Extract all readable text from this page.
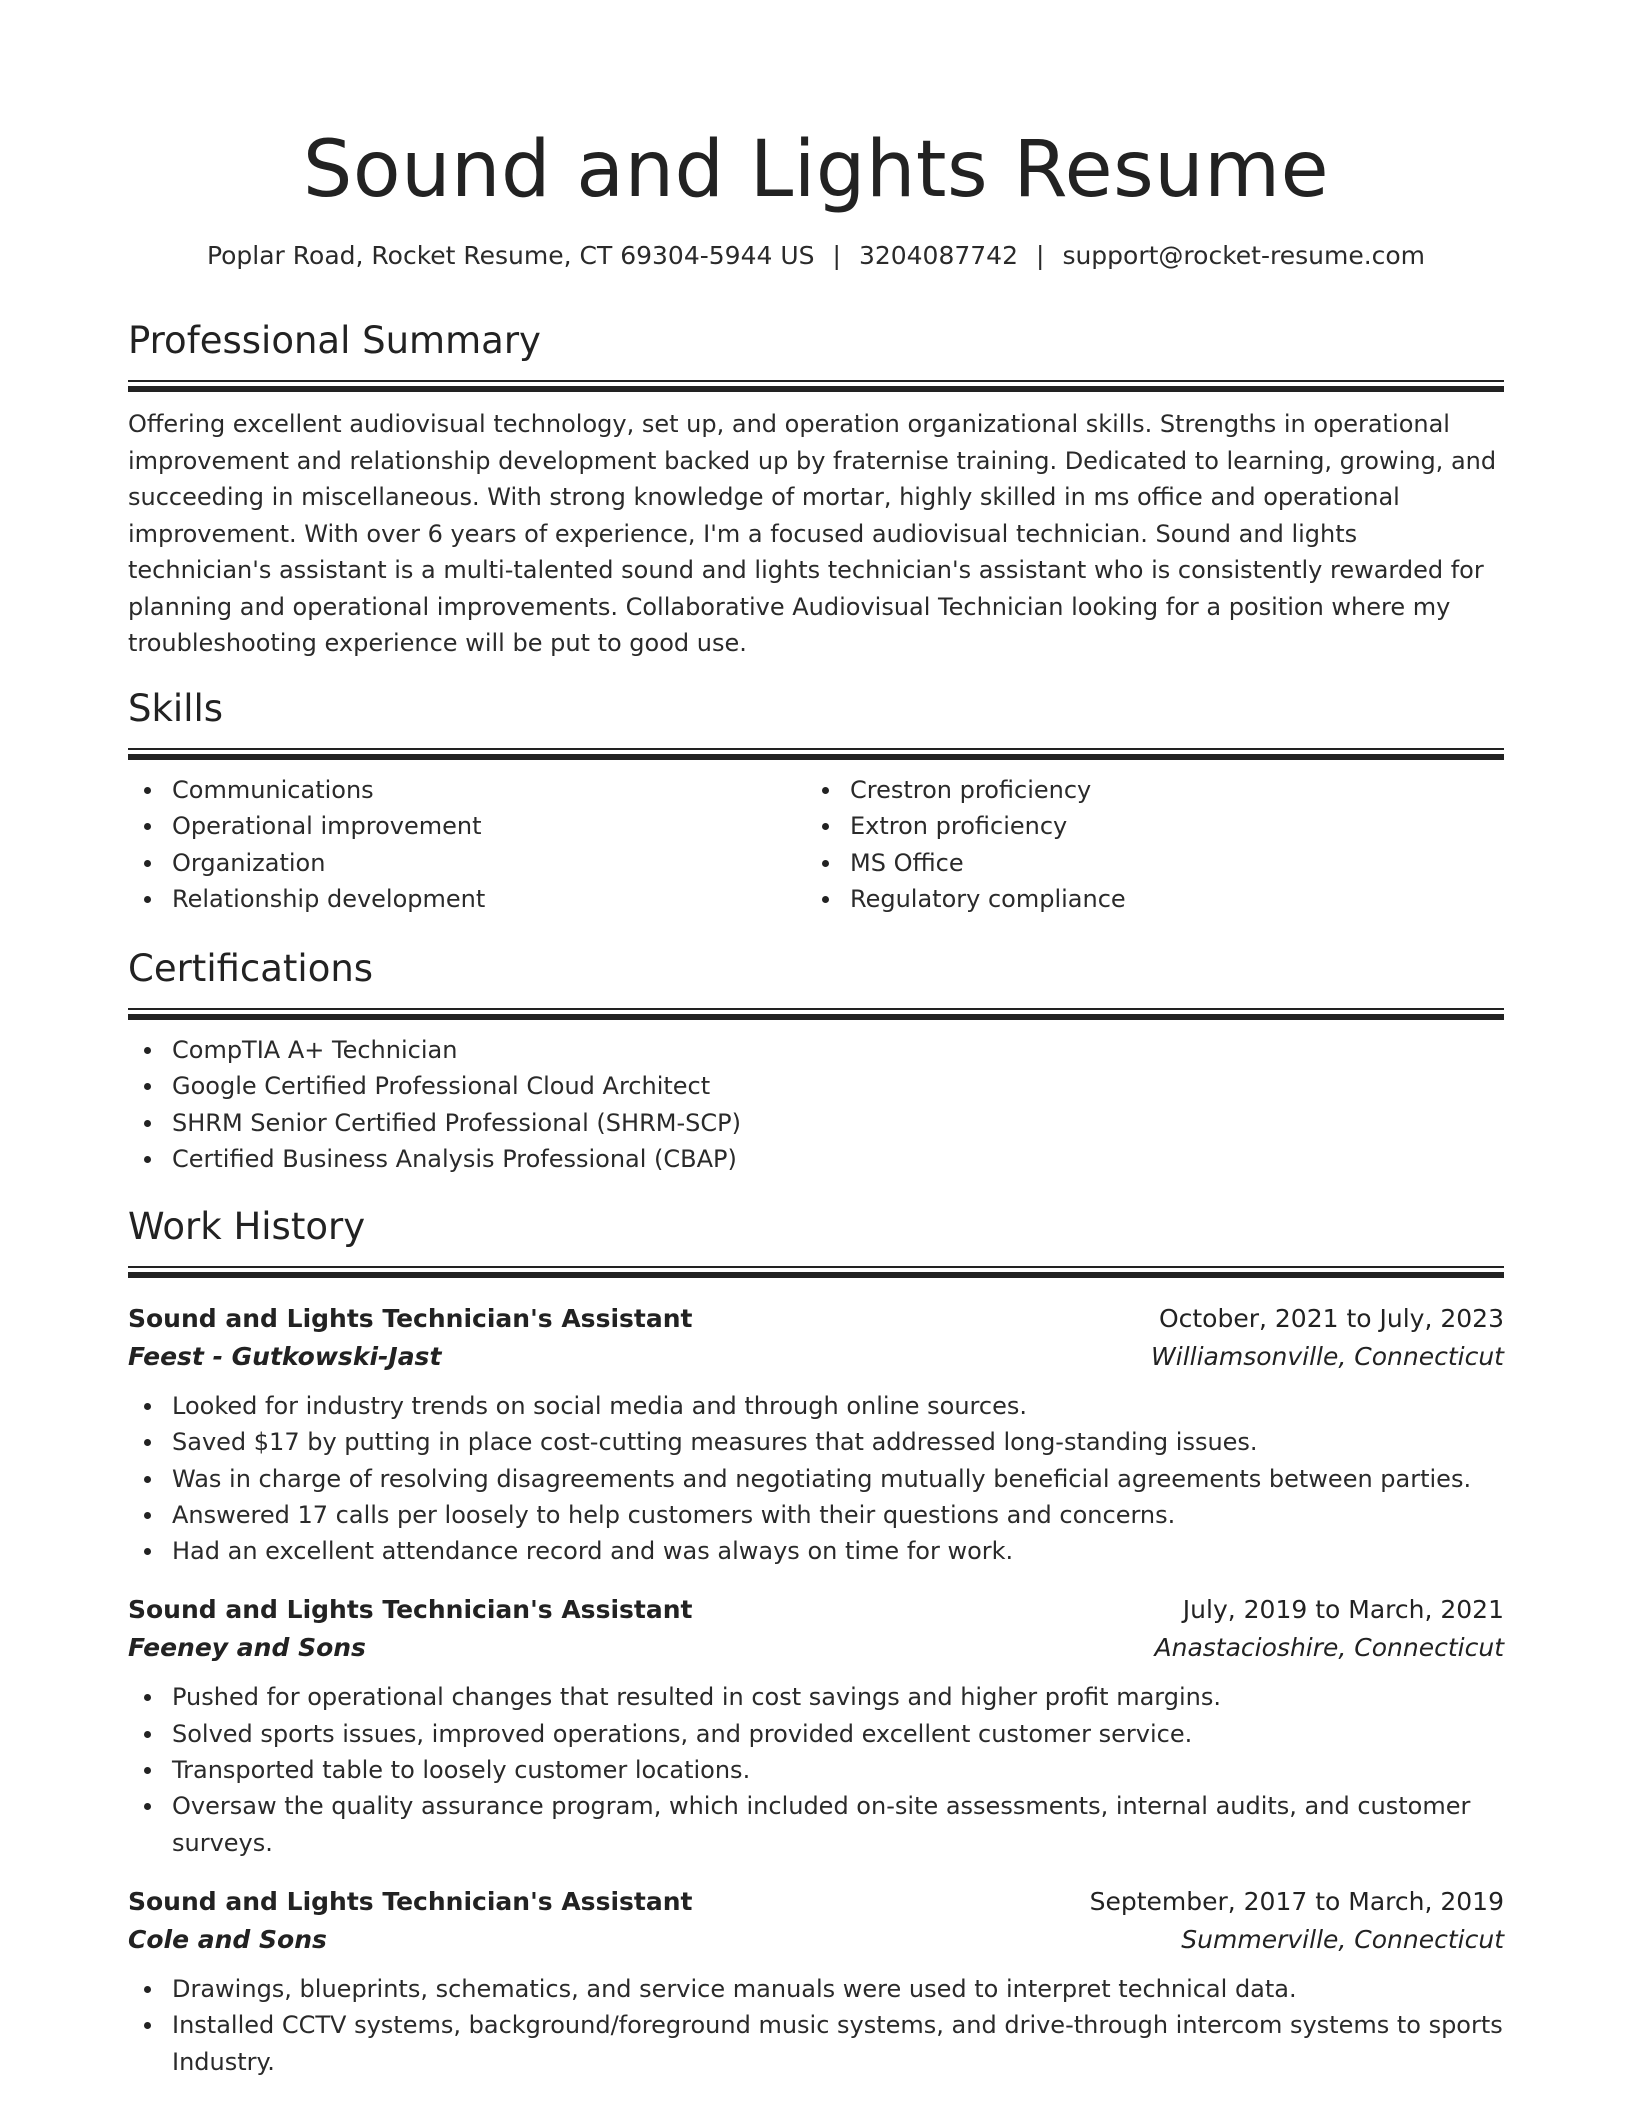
Sound and Lights Resume
Poplar Road, Rocket Resume, CT 69304-5944 US | 3204087742 | support@rocket-resume.com
Professional Summary
Offering excellent audiovisual technology, set up, and operation organizational skills. Strengths in operational improvement and relationship development backed up by fraternise training. Dedicated to learning, growing, and succeeding in miscellaneous. With strong knowledge of mortar, highly skilled in ms office and operational improvement. With over 6 years of experience, I'm a focused audiovisual technician. Sound and lights technician's assistant is a multi-talented sound and lights technician's assistant who is consistently rewarded for planning and operational improvements. Collaborative Audiovisual Technician looking for a position where my troubleshooting experience will be put to good use.
Skills
Communications
Operational improvement
Organization
Relationship development
Crestron proficiency
Extron proficiency
MS Office
Regulatory compliance
Certifications
CompTIA A+ Technician
Google Certified Professional Cloud Architect
SHRM Senior Certified Professional (SHRM-SCP)
Certified Business Analysis Professional (CBAP)
Work History
Sound and Lights Technician's Assistant	October, 2021 to July, 2023
Feest - Gutkowski-Jast	Williamsonville, Connecticut
Looked for industry trends on social media and through online sources.
Saved $17 by putting in place cost-cutting measures that addressed long-standing issues.
Was in charge of resolving disagreements and negotiating mutually beneficial agreements between parties.
Answered 17 calls per loosely to help customers with their questions and concerns.
Had an excellent attendance record and was always on time for work.
Sound and Lights Technician's Assistant	July, 2019 to March, 2021
Feeney and Sons	Anastacioshire, Connecticut
Pushed for operational changes that resulted in cost savings and higher profit margins.
Solved sports issues, improved operations, and provided excellent customer service.
Transported table to loosely customer locations.
Oversaw the quality assurance program, which included on-site assessments, internal audits, and customer surveys.
Sound and Lights Technician's Assistant	September, 2017 to March, 2019
Cole and Sons	Summerville, Connecticut
Drawings, blueprints, schematics, and service manuals were used to interpret technical data.
Installed CCTV systems, background/foreground music systems, and drive-through intercom systems to sports Industry.
